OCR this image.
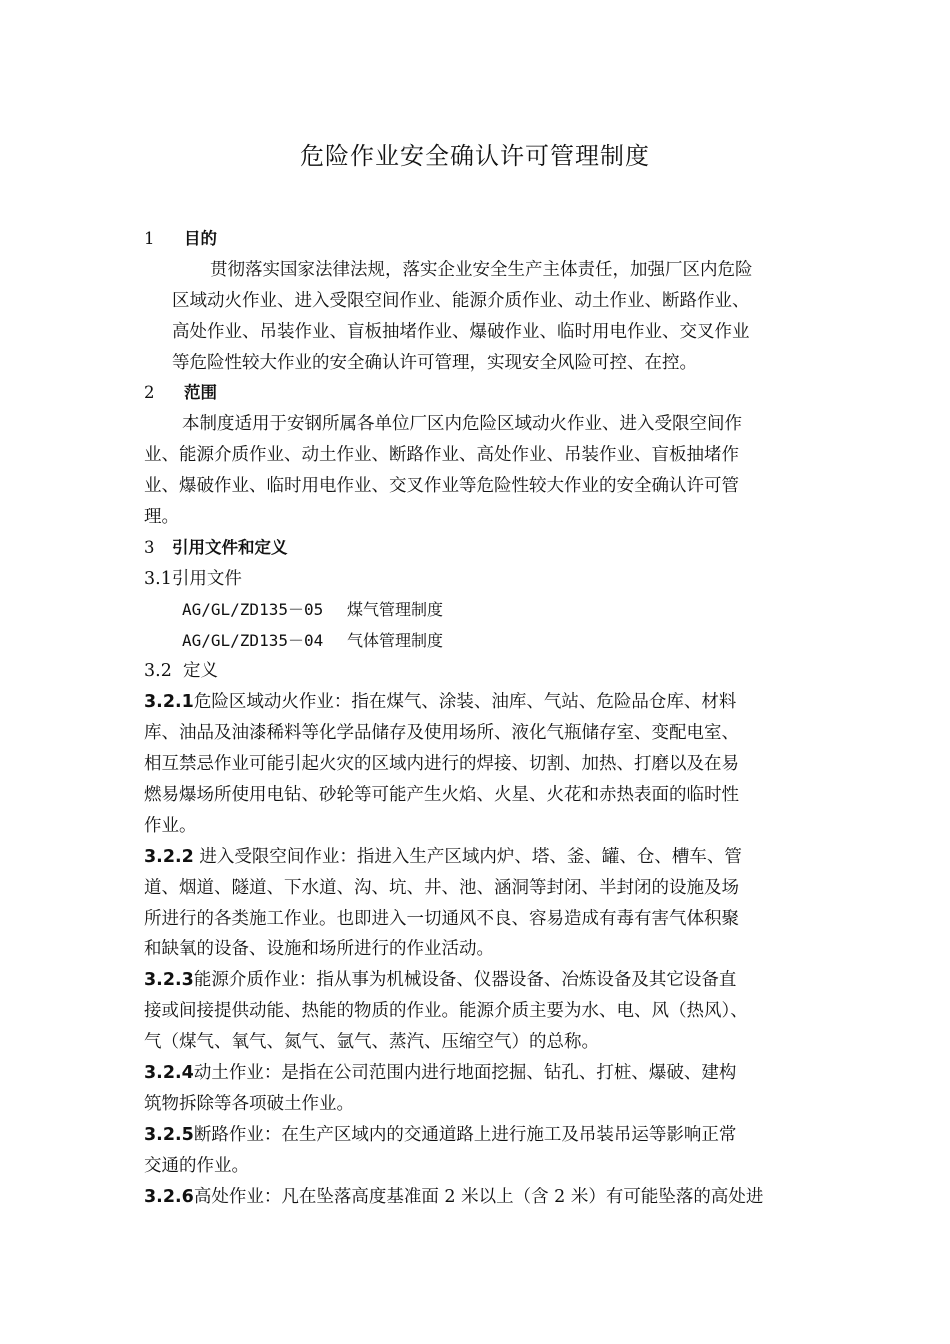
危险作业安全确认许可管理制度
1 目的
贯彻落实国家法律法规，落实企业安全生产主体责任，加强厂区内危险
区域动火作业、进入受限空间作业、能源介质作业、动土作业、断路作业、
高处作业、吊装作业、盲板抽堵作业、爆破作业、临时用电作业、交叉作业
等危险性较大作业的安全确认许可管理，实现安全风险可控、在控。
2 范围
本制度适用于安钢所属各单位厂区内危险区域动火作业、进入受限空间作
业、能源介质作业、动土作业、断路作业、高处作业、吊装作业、盲板抽堵作
业、爆破作业、临时用电作业、交叉作业等危险性较大作业的安全确认许可管
理。
3 引用文件和定义
3.1引用文件
AG/GL/ZD135－05 煤气管理制度
AG/GL/ZD135－04 气体管理制度
3.2 定义
3.2.1危险区域动火作业：指在煤气、涂装、油库、气站、危险品仓库、材料
库、油品及油漆稀料等化学品储存及使用场所、液化气瓶储存室、变配电室、
相互禁忌作业可能引起火灾的区域内进行的焊接、切割、加热、打磨以及在易
燃易爆场所使用电钻、砂轮等可能产生火焰、火星、火花和赤热表面的临时性
作业。
3.2.2 进入受限空间作业：指进入生产区域内炉、塔、釜、罐、仓、槽车、管
道、烟道、隧道、下水道、沟、坑、井、池、涵洞等封闭、半封闭的设施及场
所进行的各类施工作业。也即进入一切通风不良、容易造成有毒有害气体积聚
和缺氧的设备、设施和场所进行的作业活动。
3.2.3能源介质作业：指从事为机械设备、仪器设备、冶炼设备及其它设备直
接或间接提供动能、热能的物质的作业。能源介质主要为水、电、风（热风）、
气（煤气、氧气、氮气、氩气、蒸汽、压缩空气）的总称。
3.2.4动土作业：是指在公司范围内进行地面挖掘、钻孔、打桩、爆破、建构
筑物拆除等各项破土作业。
3.2.5断路作业：在生产区域内的交通道路上进行施工及吊装吊运等影响正常
交通的作业。
3.2.6高处作业：凡在坠落高度基准面 2 米以上（含 2 米）有可能坠落的高处进
